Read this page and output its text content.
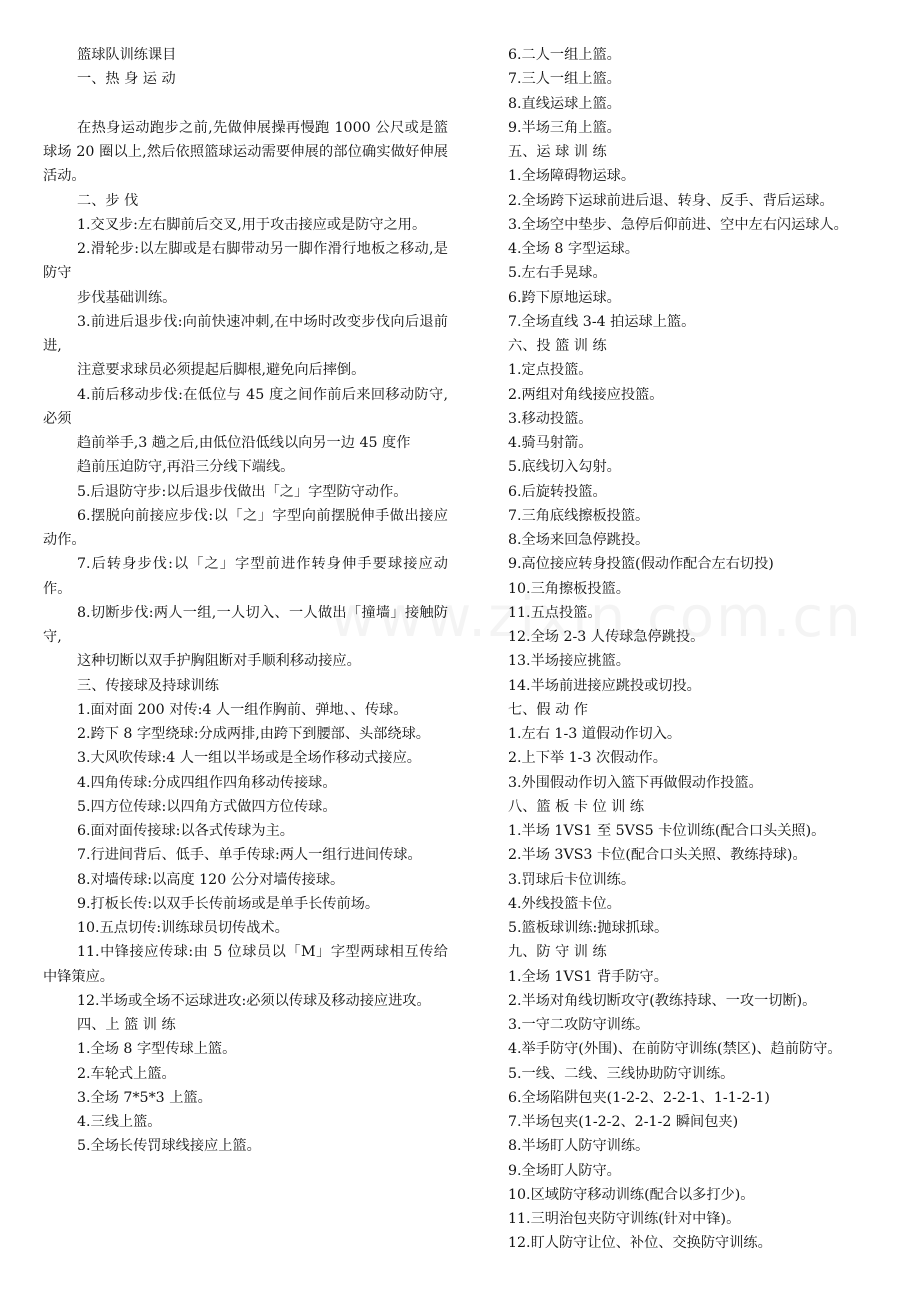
篮球队训练课目
一、热 身 运 动
在热身运动跑步之前,先做伸展操再慢跑 1000 公尺或是篮球场 20 圈以上,然后依照篮球运动需要伸展的部位确实做好伸展活动。
二、步 伐
1.交叉步:左右脚前后交叉,用于攻击接应或是防守之用。
2.滑轮步:以左脚或是右脚带动另一脚作滑行地板之移动,是防守
步伐基础训练。
3.前进后退步伐:向前快速冲刺,在中场时改变步伐向后退前进,
注意要求球员必须提起后脚根,避免向后摔倒。
4.前后移动步伐:在低位与 45 度之间作前后来回移动防守,必须
趋前举手,3 趟之后,由低位沿低线以向另一边 45 度作
趋前压迫防守,再沿三分线下端线。
5.后退防守步:以后退步伐做出「之」字型防守动作。
6.摆脱向前接应步伐:以「之」字型向前摆脱伸手做出接应动作。
7.后转身步伐:以「之」字型前进作转身伸手要球接应动作。
8.切断步伐:两人一组,一人切入、一人做出「撞墙」接触防守,
这种切断以双手护胸阻断对手顺利移动接应。
三、传接球及持球训练
1.面对面 200 对传:4 人一组作胸前、弹地、、传球。
2.跨下 8 字型绕球:分成两排,由跨下到腰部、头部绕球。
3.大风吹传球:4 人一组以半场或是全场作移动式接应。
4.四角传球:分成四组作四角移动传接球。
5.四方位传球:以四角方式做四方位传球。
6.面对面传接球:以各式传球为主。
7.行进间背后、低手、单手传球:两人一组行进间传球。
8.对墙传球:以高度 120 公分对墙传接球。
9.打板长传:以双手长传前场或是单手长传前场。
10.五点切传:训练球员切传战术。
11.中锋接应传球:由 5 位球员以「M」字型两球相互传给中锋策应。
12.半场或全场不运球进攻:必须以传球及移动接应进攻。
四、上 篮 训 练
1.全场 8 字型传球上篮。
2.车轮式上篮。
3.全场 7*5*3 上篮。
4.三线上篮。
5.全场长传罚球线接应上篮。
6.二人一组上篮。
7.三人一组上篮。
8.直线运球上篮。
9.半场三角上篮。
五、运 球 训 练
1.全场障碍物运球。
2.全场跨下运球前进后退、转身、反手、背后运球。
3.全场空中垫步、急停后仰前进、空中左右闪运球人。
4.全场 8 字型运球。
5.左右手晃球。
6.跨下原地运球。
7.全场直线 3-4 拍运球上篮。
六、投 篮 训 练
1.定点投篮。
2.两组对角线接应投篮。
3.移动投篮。
4.骑马射箭。
5.底线切入勾射。
6.后旋转投篮。
7.三角底线擦板投篮。
8.全场来回急停跳投。
9.高位接应转身投篮(假动作配合左右切投)
10.三角擦板投篮。
11.五点投篮。
12.全场 2-3 人传球急停跳投。
13.半场接应挑篮。
14.半场前进接应跳投或切投。
七、假 动 作
1.左右 1-3 道假动作切入。
2.上下举 1-3 次假动作。
3.外围假动作切入篮下再做假动作投篮。
八、篮 板 卡 位 训 练
1.半场 1VS1 至 5VS5 卡位训练(配合口头关照)。
2.半场 3VS3 卡位(配合口头关照、教练持球)。
3.罚球后卡位训练。
4.外线投篮卡位。
5.篮板球训练:抛球抓球。
九、防 守 训 练
1.全场 1VS1 背手防守。
2.半场对角线切断攻守(教练持球、一攻一切断)。
3.一守二攻防守训练。
4.举手防守(外围)、在前防守训练(禁区)、趋前防守。
5.一线、二线、三线协助防守训练。
6.全场陷阱包夹(1-2-2、2-2-1、1-1-2-1)
7.半场包夹(1-2-2、2-1-2 瞬间包夹)
8.半场盯人防守训练。
9.全场盯人防守。
10.区域防守移动训练(配合以多打少)。
11.三明治包夹防守训练(针对中锋)。
12.盯人防守让位、补位、交换防守训练。
